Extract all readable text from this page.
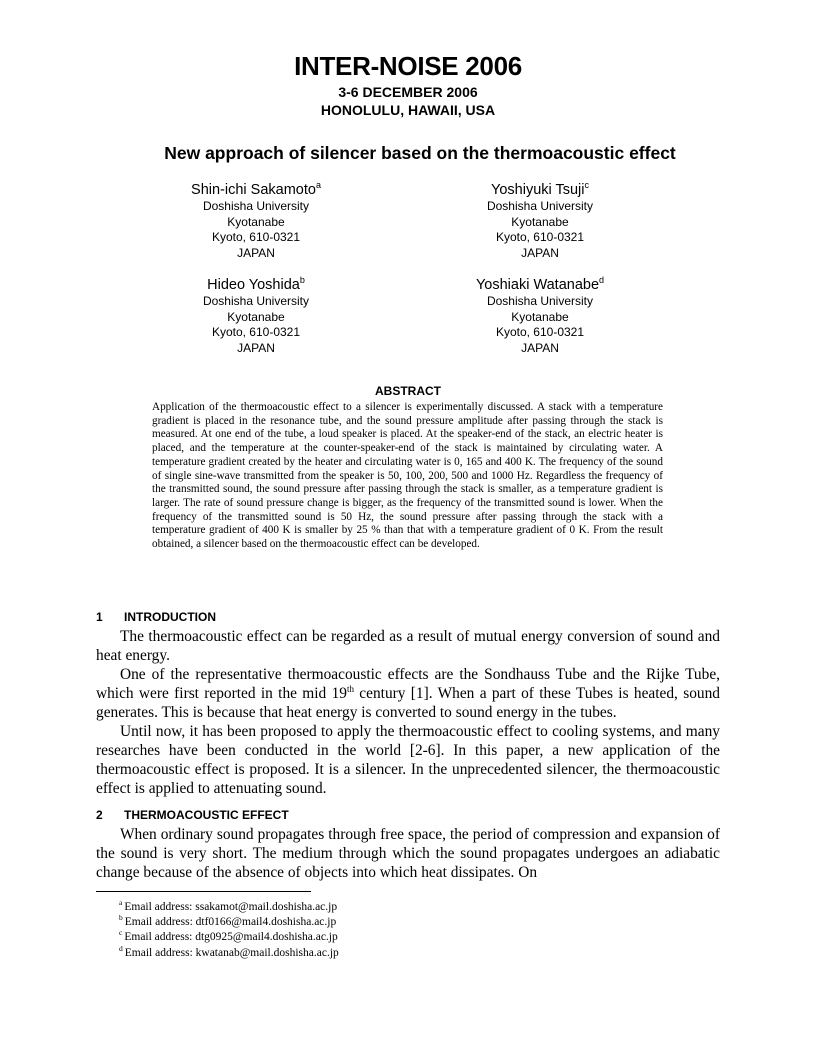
INTER-NOISE 2006
3-6 DECEMBER 2006
HONOLULU, HAWAII, USA
New approach of silencer based on the thermoacoustic effect
Shin-ichi Sakamoto$^a$
Doshisha University
Kyotanabe
Kyoto, 610-0321
JAPAN
Yoshiyuki Tsuji$^c$
Doshisha University
Kyotanabe
Kyoto, 610-0321
JAPAN
Hideo Yoshida$^b$
Doshisha University
Kyotanabe
Kyoto, 610-0321
JAPAN
Yoshiaki Watanabe$^d$
Doshisha University
Kyotanabe
Kyoto, 610-0321
JAPAN
ABSTRACT
Application of the thermoacoustic effect to a silencer is experimentally discussed. A stack with a temperature gradient is placed in the resonance tube, and the sound pressure amplitude after passing through the stack is measured. At one end of the tube, a loud speaker is placed. At the speaker-end of the stack, an electric heater is placed, and the temperature at the counter-speaker-end of the stack is maintained by circulating water. A temperature gradient created by the heater and circulating water is 0, 165 and 400 K. The frequency of the sound of single sine-wave transmitted from the speaker is 50, 100, 200, 500 and 1000 Hz. Regardless the frequency of the transmitted sound, the sound pressure after passing through the stack is smaller, as a temperature gradient is larger. The rate of sound pressure change is bigger, as the frequency of the transmitted sound is lower. When the frequency of the transmitted sound is 50 Hz, the sound pressure after passing through the stack with a temperature gradient of 400 K is smaller by 25 % than that with a temperature gradient of 0 K. From the result obtained, a silencer based on the thermoacoustic effect can be developed.
1 INTRODUCTION

The thermoacoustic effect can be regarded as a result of mutual energy conversion of sound and heat energy.

One of the representative thermoacoustic effects are the Sondhauss Tube and the Rijke Tube, which were first reported in the mid 19th century [1]. When a part of these Tubes is heated, sound generates. This is because that heat energy is converted to sound energy in the tubes.

Until now, it has been proposed to apply the thermoacoustic effect to cooling systems, and many researches have been conducted in the world [2-6]. In this paper, a new application of the thermoacoustic effect is proposed. It is a silencer. In the unprecedented silencer, the thermoacoustic effect is applied to attenuating sound.

2 THERMOACOUSTIC EFFECT

When ordinary sound propagates through free space, the period of compression and expansion of the sound is very short. The medium through which the sound propagates undergoes an adiabatic change because of the absence of objects into which heat dissipates. On

$^a$ Email address: ssakamot@mail.doshisha.ac.jp
$^b$ Email address: dtf0166@mail4.doshisha.ac.jp
$^c$ Email address: dtg0925@mail4.doshisha.ac.jp
$^d$ Email address: kwatanab@mail.doshisha.ac.jp
